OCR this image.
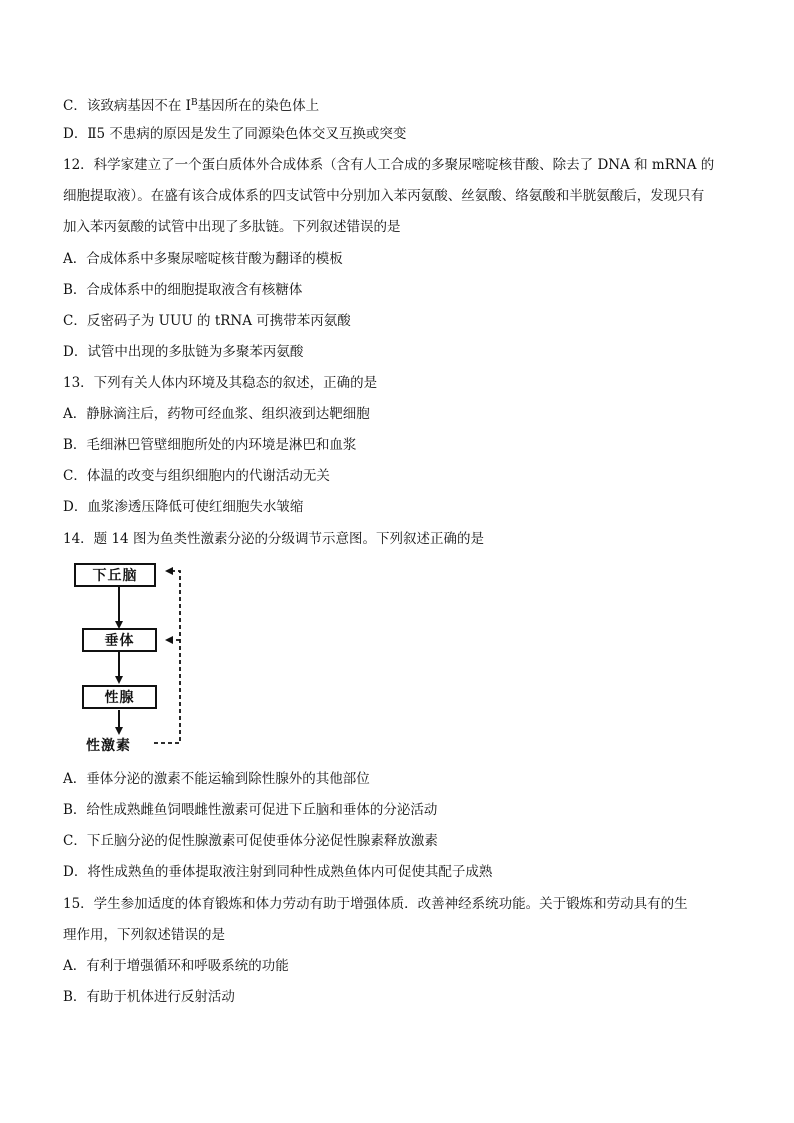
C．该致病基因不在 $I^B$基因所在的染色体上
D．Ⅱ5 不患病的原因是发生了同源染色体交叉互换或突变
12．科学家建立了一个蛋白质体外合成体系（含有人工合成的多聚尿嘧啶核苷酸、除去了 DNA 和 mRNA 的
细胞提取液）。在盛有该合成体系的四支试管中分别加入苯丙氨酸、丝氨酸、络氨酸和半胱氨酸后，发现只有
加入苯丙氨酸的试管中出现了多肽链。下列叙述错误的是
A．合成体系中多聚尿嘧啶核苷酸为翻译的模板
B．合成体系中的细胞提取液含有核糖体
C．反密码子为 UUU 的 tRNA 可携带苯丙氨酸
D．试管中出现的多肽链为多聚苯丙氨酸
13．下列有关人体内环境及其稳态的叙述，正确的是
A．静脉滴注后，药物可经血浆、组织液到达靶细胞
B．毛细淋巴管壁细胞所处的内环境是淋巴和血浆
C．体温的改变与组织细胞内的代谢活动无关
D．血浆渗透压降低可使红细胞失水皱缩
14．题 14 图为鱼类性激素分泌的分级调节示意图。下列叙述正确的是
下丘脑
垂体
性腺
性激素
A．垂体分泌的激素不能运输到除性腺外的其他部位
B．给性成熟雌鱼饲喂雌性激素可促进下丘脑和垂体的分泌活动
C．下丘脑分泌的促性腺激素可促使垂体分泌促性腺素释放激素
D．将性成熟鱼的垂体提取液注射到同种性成熟鱼体内可促使其配子成熟
15．学生参加适度的体育锻炼和体力劳动有助于增强体质．改善神经系统功能。关于锻炼和劳动具有的生
理作用，下列叙述错误的是
A．有利于增强循环和呼吸系统的功能
B．有助于机体进行反射活动
